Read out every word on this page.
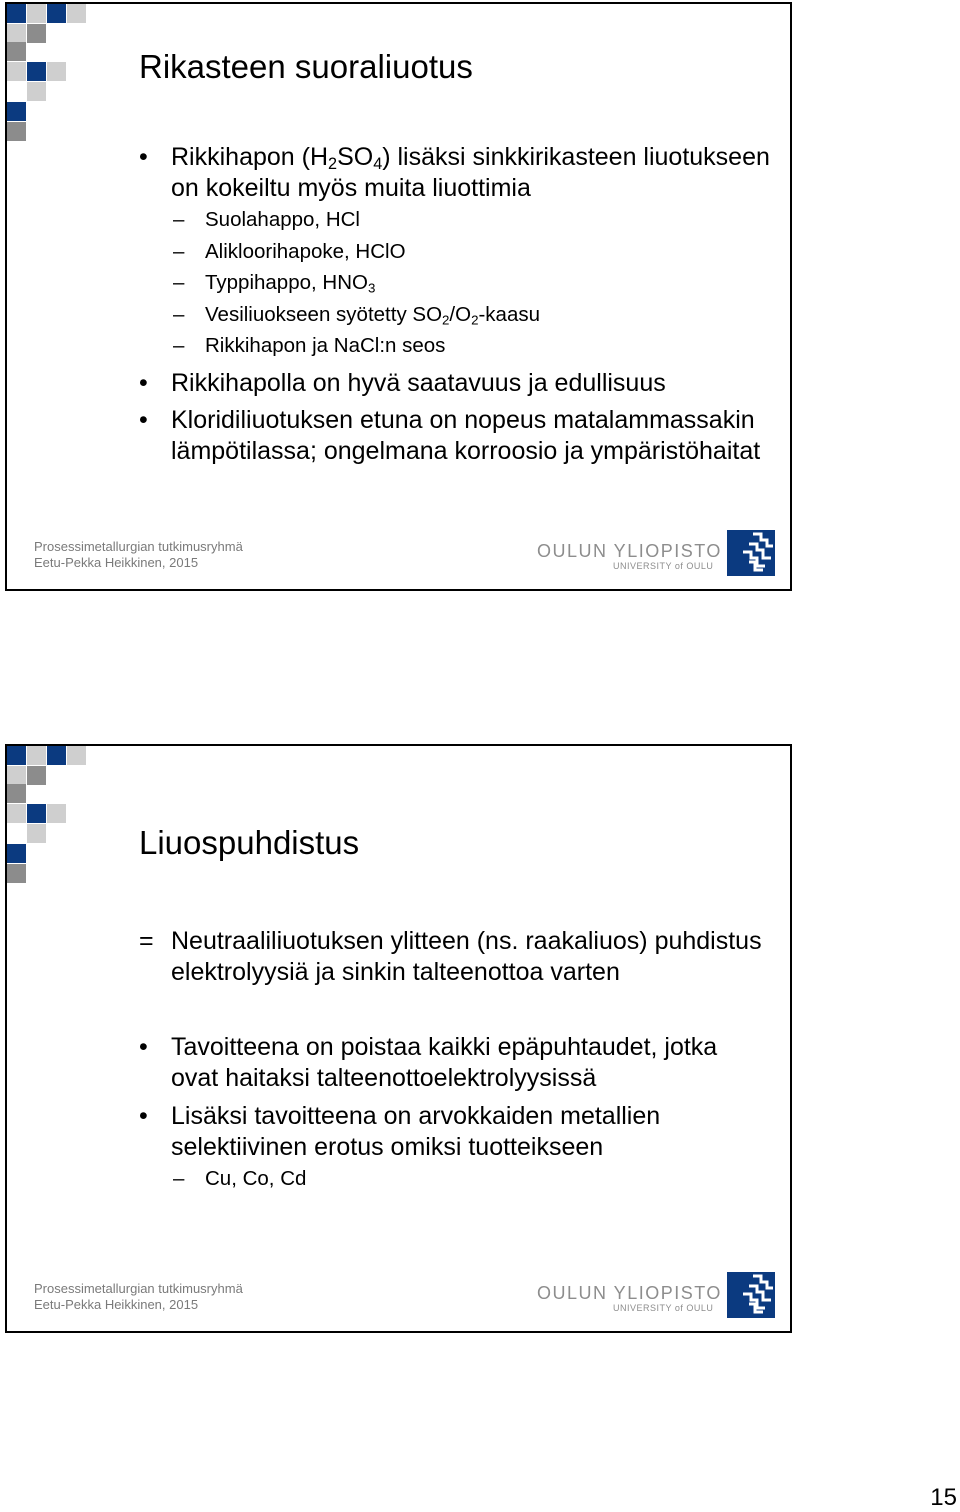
Rikasteen suoraliuotus
• Rikkihapon $(H_2SO_4)$ lisäksi sinkkirikasteen liuotukseen on kokeiltu myös muita liuottimia
– Suolahappo, HCl
– Alikloorihapoke, HClO
– Typpihappo, $HNO_3$
– Vesiliuokseen syötetty $SO_2/O_2$-kaasu
– Rikkihapon ja NaCl:n seos
• Rikkihapolla on hyvä saatavuus ja edullisuus
• Kloridiliuotuksen etuna on nopeus matalammassakin lämpötilassa; ongelmana korroosio ja ympäristöhaitat
Prosessimetallurgian tutkimusryhmä
Eetu-Pekka Heikkinen, 2015
OULUN YLIOPISTO
UNIVERSITY of OULU
Liuospuhdistus
= Neutraaliliuotuksen ylitteen (ns. raakaliuos) puhdistus elektrolyysiä ja sinkin talteenottoa varten
• Tavoitteena on poistaa kaikki epäpuhtaudet, jotka ovat haitaksi talteenottoelektrolyysissä
• Lisäksi tavoitteena on arvokkaiden metallien selektiivinen erotus omiksi tuotteikseen
– Cu, Co, Cd
Prosessimetallurgian tutkimusryhmä
Eetu-Pekka Heikkinen, 2015
OULUN YLIOPISTO
UNIVERSITY of OULU
15
